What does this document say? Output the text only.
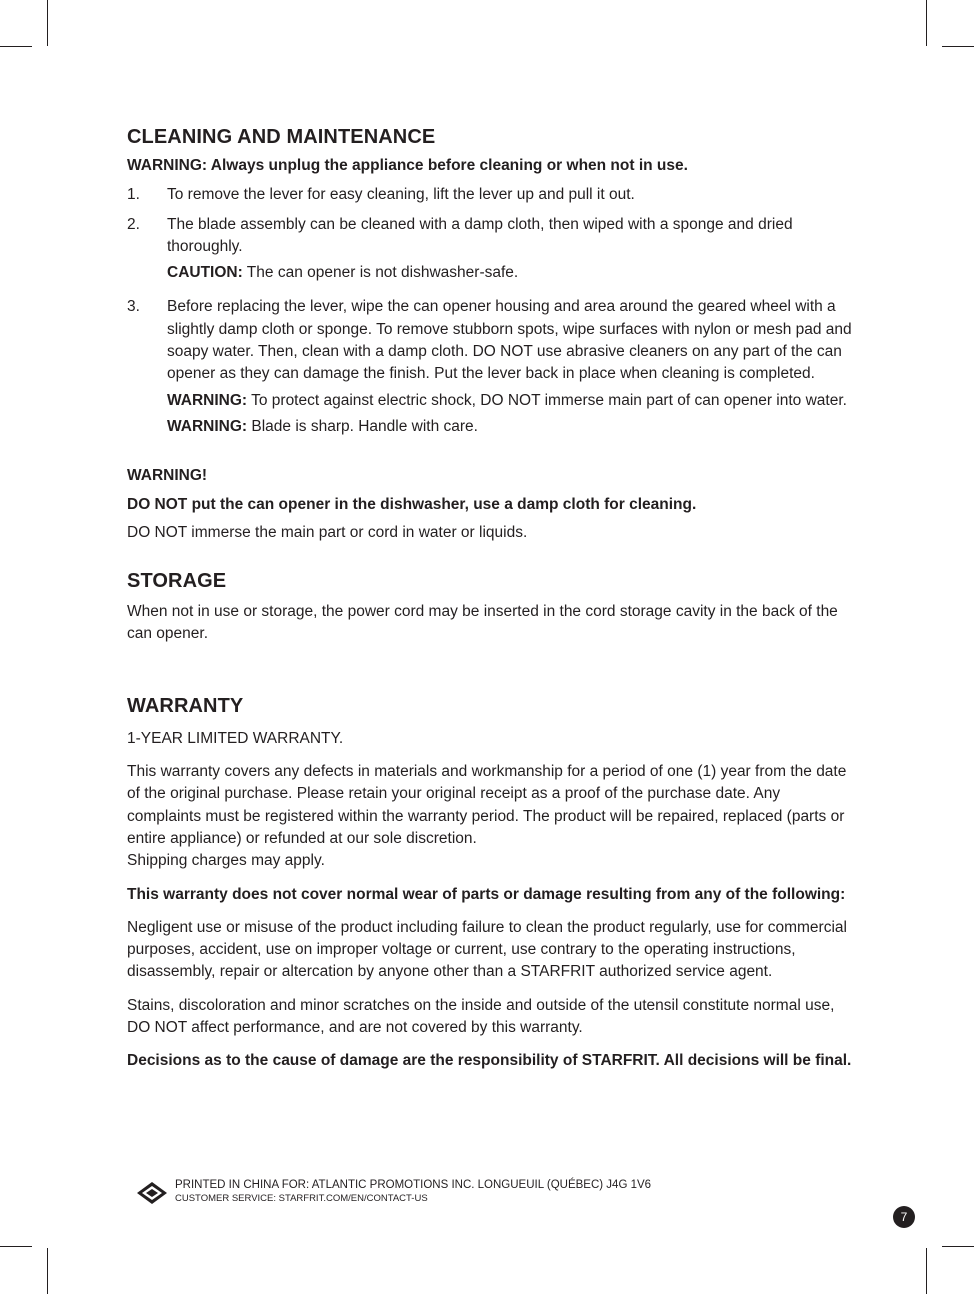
CLEANING AND MAINTENANCE

WARNING: Always unplug the appliance before cleaning or when not in use.

1. To remove the lever for easy cleaning, lift the lever up and pull it out.

2. The blade assembly can be cleaned with a damp cloth, then wiped with a sponge and dried thoroughly.

CAUTION: The can opener is not dishwasher-safe.

3. Before replacing the lever, wipe the can opener housing and area around the geared wheel with a slightly damp cloth or sponge. To remove stubborn spots, wipe surfaces with nylon or mesh pad and soapy water. Then, clean with a damp cloth. DO NOT use abrasive cleaners on any part of the can opener as they can damage the finish. Put the lever back in place when cleaning is completed.

WARNING: To protect against electric shock, DO NOT immerse main part of can opener into water.

WARNING: Blade is sharp. Handle with care.

WARNING!

DO NOT put the can opener in the dishwasher, use a damp cloth for cleaning.

DO NOT immerse the main part or cord in water or liquids.

STORAGE

When not in use or storage, the power cord may be inserted in the cord storage cavity in the back of the can opener.

WARRANTY

1-YEAR LIMITED WARRANTY.

This warranty covers any defects in materials and workmanship for a period of one (1) year from the date of the original purchase. Please retain your original receipt as a proof of the purchase date. Any complaints must be registered within the warranty period. The product will be repaired, replaced (parts or entire appliance) or refunded at our sole discretion.
Shipping charges may apply.

This warranty does not cover normal wear of parts or damage resulting from any of the following:

Negligent use or misuse of the product including failure to clean the product regularly, use for commercial purposes, accident, use on improper voltage or current, use contrary to the operating instructions, disassembly, repair or altercation by anyone other than a STARFRIT authorized service agent.

Stains, discoloration and minor scratches on the inside and outside of the utensil constitute normal use, DO NOT affect performance, and are not covered by this warranty.

Decisions as to the cause of damage are the responsibility of STARFRIT. All decisions will be final.

PRINTED IN CHINA FOR: ATLANTIC PROMOTIONS INC. LONGUEUIL (QUÉBEC) J4G 1V6
CUSTOMER SERVICE: STARFRIT.COM/EN/CONTACT-US
7
